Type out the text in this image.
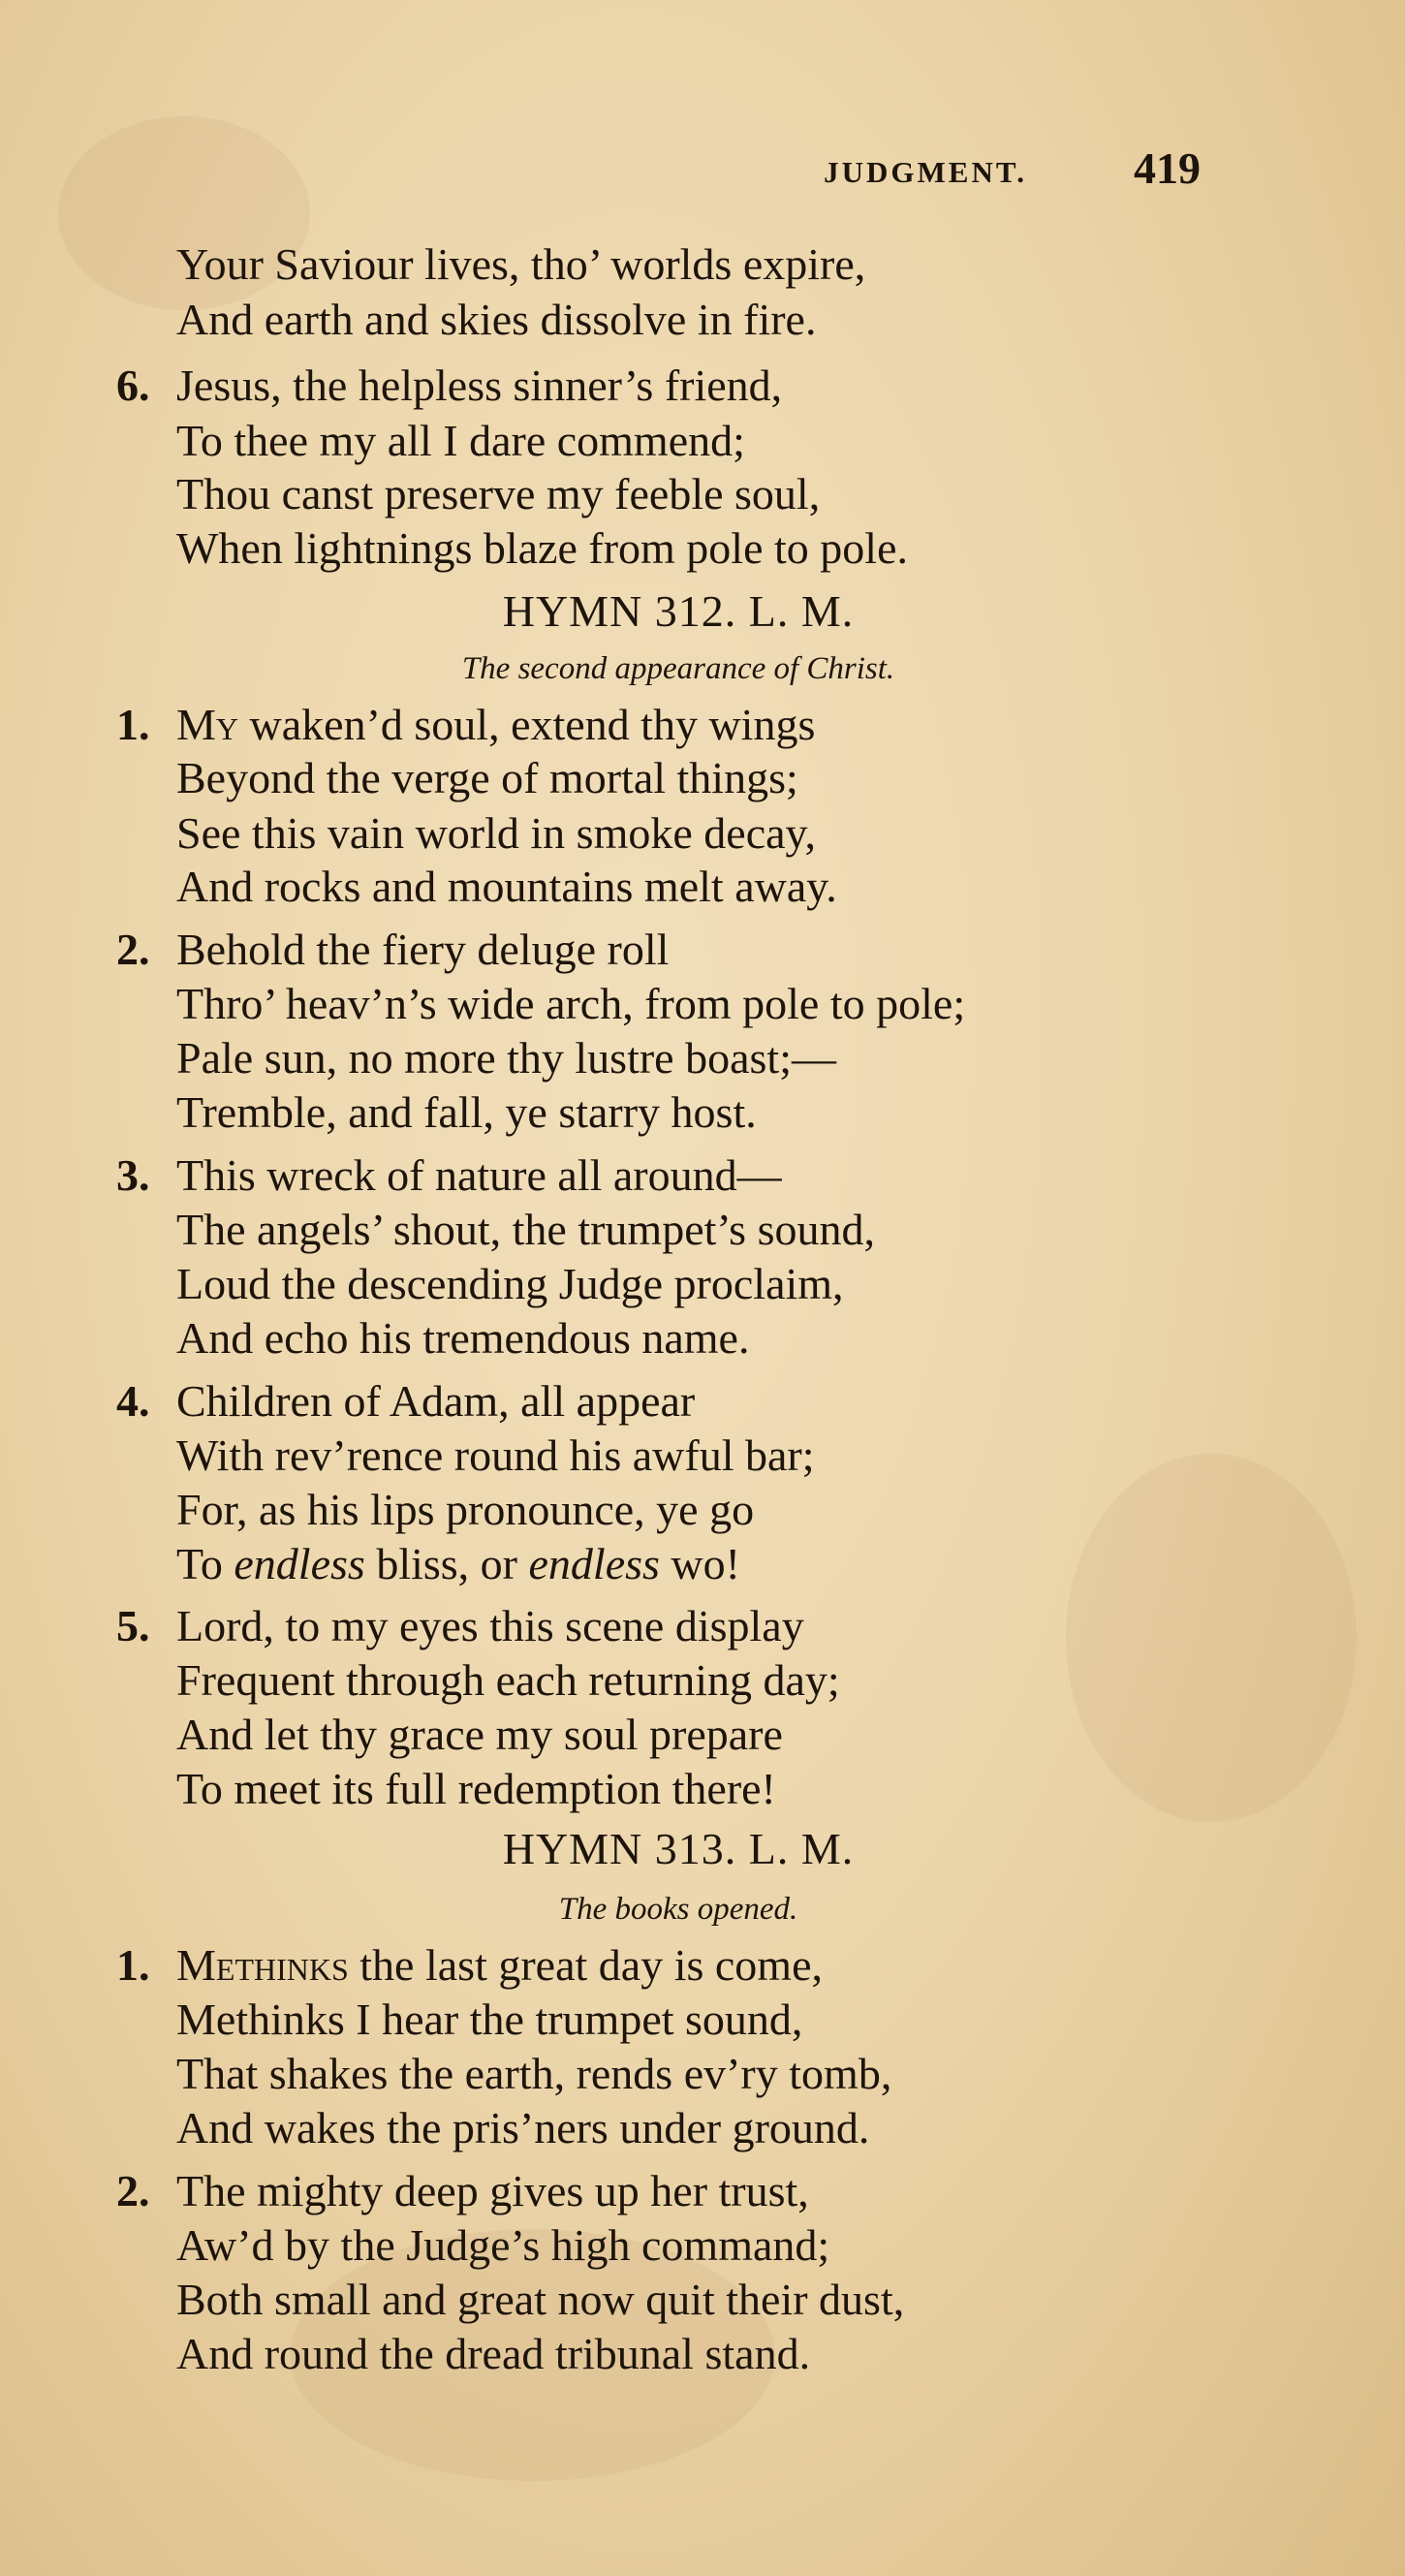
JUDGMENT. 419
Your Saviour lives, tho’ worlds expire,
And earth and skies dissolve in fire.
6. Jesus, the helpless sinner’s friend,
To thee my all I dare commend;
Thou canst preserve my feeble soul,
When lightnings blaze from pole to pole.
HYMN 312. L. M.
The second appearance of Christ.
1. My waken’d soul, extend thy wings
Beyond the verge of mortal things;
See this vain world in smoke decay,
And rocks and mountains melt away.
2. Behold the fiery deluge roll
Thro’ heav’n’s wide arch, from pole to pole;
Pale sun, no more thy lustre boast;—
Tremble, and fall, ye starry host.
3. This wreck of nature all around—
The angels’ shout, the trumpet’s sound,
Loud the descending Judge proclaim,
And echo his tremendous name.
4. Children of Adam, all appear
With rev’rence round his awful bar;
For, as his lips pronounce, ye go
To endless bliss, or endless wo!
5. Lord, to my eyes this scene display
Frequent through each returning day;
And let thy grace my soul prepare
To meet its full redemption there!
HYMN 313. L. M.
The books opened.
1. Methinks the last great day is come,
Methinks I hear the trumpet sound,
That shakes the earth, rends ev’ry tomb,
And wakes the pris’ners under ground.
2. The mighty deep gives up her trust,
Aw’d by the Judge’s high command;
Both small and great now quit their dust,
And round the dread tribunal stand.
